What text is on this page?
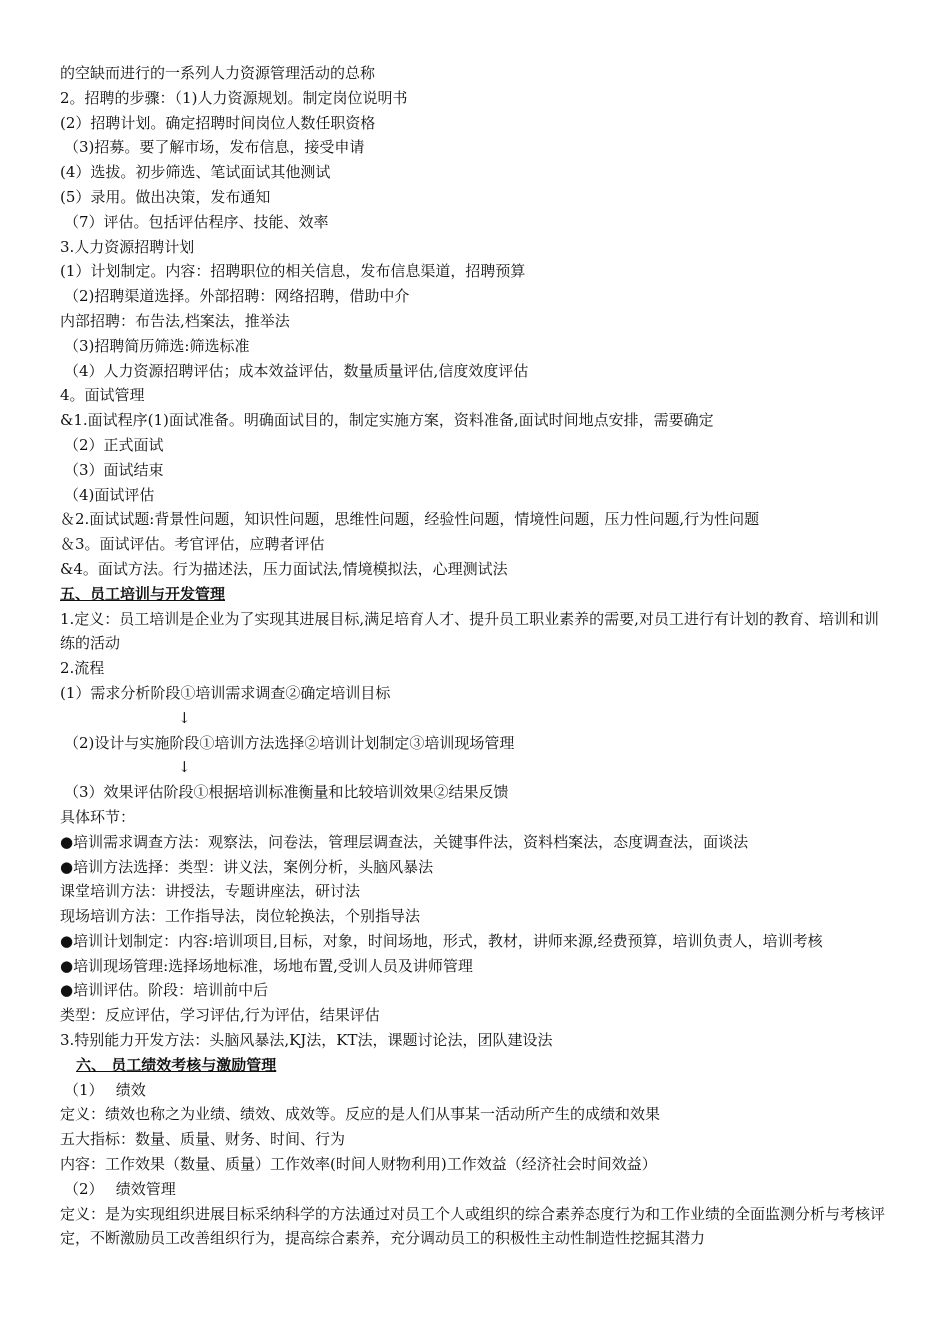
的空缺而进行的一系列人力资源管理活动的总称
2。招聘的步骤：（1)人力资源规划。制定岗位说明书
(2）招聘计划。确定招聘时间岗位人数任职资格
（3)招募。要了解市场，发布信息，接受申请
(4）选拔。初步筛选、笔试面试其他测试
(5）录用。做出决策，发布通知
（7）评估。包括评估程序、技能、效率
3.人力资源招聘计划
(1）计划制定。内容：招聘职位的相关信息，发布信息渠道，招聘预算
（2)招聘渠道选择。外部招聘：网络招聘，借助中介
内部招聘：布告法,档案法，推举法
（3)招聘简历筛选:筛选标准
（4）人力资源招聘评估；成本效益评估，数量质量评估,信度效度评估
4。面试管理
&1.面试程序(1)面试准备。明确面试目的，制定实施方案，资料准备,面试时间地点安排，需要确定
（2）正式面试
（3）面试结束
（4)面试评估
＆2.面试试题:背景性问题，知识性问题，思维性问题，经验性问题，情境性问题，压力性问题,行为性问题
＆3。面试评估。考官评估，应聘者评估
&4。面试方法。行为描述法，压力面试法,情境模拟法，心理测试法
五、员工培训与开发管理
1.定义：员工培训是企业为了实现其进展目标,满足培育人才、提升员工职业素养的需要,对员工进行有计划的教育、培训和训练的活动
2.流程
(1）需求分析阶段①培训需求调查②确定培训目标
↓
（2)设计与实施阶段①培训方法选择②培训计划制定③培训现场管理
↓
（3）效果评估阶段①根据培训标准衡量和比较培训效果②结果反馈
具体环节：
●培训需求调查方法：观察法，问卷法，管理层调查法，关键事件法，资料档案法，态度调查法，面谈法
●培训方法选择：类型：讲义法，案例分析，头脑风暴法
课堂培训方法：讲授法，专题讲座法，研讨法
现场培训方法：工作指导法，岗位轮换法，个别指导法
●培训计划制定：内容:培训项目,目标，对象，时间场地，形式，教材，讲师来源,经费预算，培训负责人，培训考核
●培训现场管理:选择场地标准，场地布置,受训人员及讲师管理
●培训评估。阶段：培训前中后
类型：反应评估，学习评估,行为评估，结果评估
3.特别能力开发方法：头脑风暴法,KJ法，KT法，课题讨论法，团队建设法
六、 员工绩效考核与激励管理
（1）　 绩效
定义：绩效也称之为业绩、绩效、成效等。反应的是人们从事某一活动所产生的成绩和效果
五大指标：数量、质量、财务、时间、行为
内容：工作效果（数量、质量）工作效率(时间人财物利用)工作效益（经济社会时间效益）
（2）　 绩效管理
定义：是为实现组织进展目标采纳科学的方法通过对员工个人或组织的综合素养态度行为和工作业绩的全面监测分析与考核评定，不断激励员工改善组织行为，提高综合素养，充分调动员工的积极性主动性制造性挖掘其潜力
